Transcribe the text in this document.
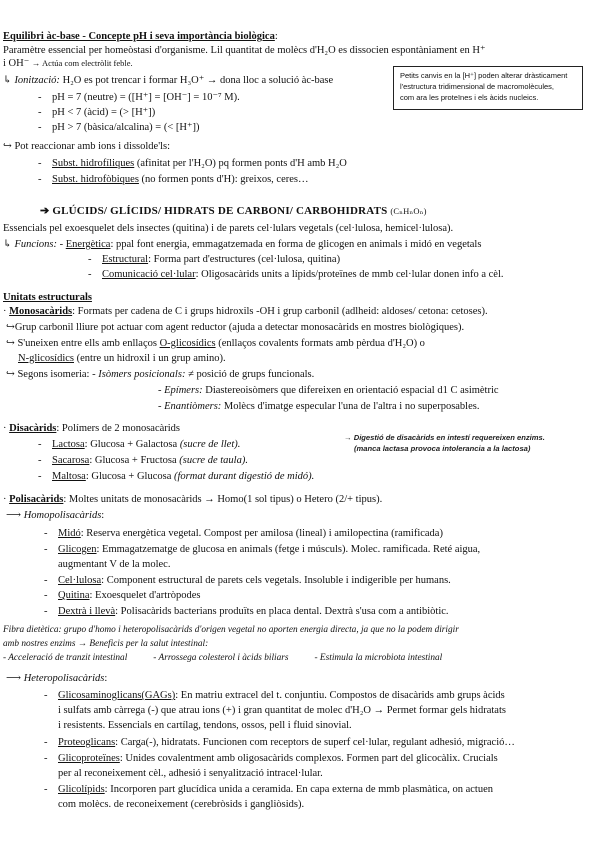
Equilibri àc-base - Concepte pH i seva importància biològica:
Paramètre essencial per homeòstasi d'organisme. Lil quantitat de molècs d'H₂O es dissocien espontàniament en H⁺
i OH⁻ → Actúa com electròlit feble.
↳ Ionització: H₂O es pot trencar i formar H₃O⁺ → dona lloc a solució àc-base
- pH = 7 (neutre) = ([H⁺] = [OH⁻] = 10⁻⁷ M).
- pH < 7 (àcid) = (> [H⁺])
- pH > 7 (bàsica/alcalina) = (< [H⁺])
↪ Pot reaccionar amb ions i dissolde'ls:
- Subst. hidrofíliques (afinitat per l'H₂O) pq formen ponts d'H amb H₂O
- Subst. hidrofòbiques (no formen ponts d'H): greixos, ceres…
Petits canvis en la [H⁺] poden alterar dràsticament
l'estructura tridimensional de macromolècules,
com ara les proteïnes i els àcids nucleics.
➔ GLÚCIDS/ GLÍCIDS/ HIDRATS DE CARBONI/ CARBOHIDRATS (CₙHₙOₙ)
Essencials pel exoesquelet dels insectes (quitina) i de parets cel·lulars vegetals (cel·lulosa, hemicel·lulosa).
↳ Funcions: - Energètica: ppal font energia, emmagatzemada en forma de glicogen en animals i midó en vegetals
- Estructural: Forma part d'estructures (cel·lulosa, quitina)
- Comunicació cel·lular: Oligosacàrids units a lípids/proteïnes de mmb cel·lular donen info a cèl.
Unitats estructurals
· Monosacàrids: Formats per cadena de C i grups hidroxils -OH i grup carbonil (adlheid: aldoses/ cetona: cetoses).
↪Grup carbonil lliure pot actuar com agent reductor (ajuda a detectar monosacàrids en mostres biològiques).
↪ S'uneixen entre ells amb enllaços O-glicosídics (enllaços covalents formats amb pèrdua d'H₂O) o
N-glicosídics (entre un hidroxil i un grup amino).
↪ Segons isomeria: - Isòmers posicionals: ≠ posició de grups funcionals.
- Epímers: Diastereoisòmers que difereixen en orientació espacial d1 C asimètric
- Enantiòmers: Molècs d'imatge especular l'una de l'altra i no superposables.
· Disacàrids: Polímers de 2 monosacàrids
- Lactosa: Glucosa + Galactosa (sucre de llet).
- Sacarosa: Glucosa + Fructosa (sucre de taula).
- Maltosa: Glucosa + Glucosa (format durant digestió de midó).
→ Digestió de disacàrids en intestí requereixen enzims.
(manca lactasa provoca intolerancia a la lactosa)
· Polisacàrids: Moltes unitats de monosacàrids → Homo(1 sol tipus) o Hetero (2/+ tipus).
⟶ Homopolisacàrids:
- Midó: Reserva energètica vegetal. Compost per amilosa (lineal) i amilopectina (ramificada)
- Glicogen: Emmagatzematge de glucosa en animals (fetge i músculs). Molec. ramificada. Reté aigua,
augmentant V de la molec.
- Cel·lulosa: Component estructural de parets cels vegetals. Insoluble i indigerible per humans.
- Quitina: Exoesquelet d'artròpodes
- Dextrà i llevà: Polisacàrids bacterians produïts en placa dental. Dextrà s'usa com a antibiòtic.
Fibra dietètica: grupo d'homo i heteropolisacàrids d'origen vegetal no aporten energia directa, ja que no la podem dirigir
amb nostres enzims → Beneficis per la salut intestinal:
- Acceleració de tranzit intestinal	- Arrossega colesterol i àcids biliars	- Estimula la microbiota intestinal
⟶ Heteropolisacàrids:
- Glicosaminoglicans(GAGs): En matriu extracel del t. conjuntiu. Compostos de disacàrids amb grups àcids
i sulfats amb càrrega (-) que atrau ions (+) i gran quantitat de molec d'H₂O → Permet formar gels hidratats
i resistents. Essencials en cartílag, tendons, ossos, pell i fluid sinovial.
- Proteoglicans: Carga(-), hidratats. Funcionen com receptors de superf cel·lular, regulant adhesió, migració…
- Glicoproteïnes: Unides covalentment amb oligosacàrids complexos. Formen part del glicocàlix. Crucials
per al reconeixement cèl., adhesió i senyalització intracel·lular.
- Glicolípids: Incorporen part glucídica unida a ceramida. En capa externa de mmb plasmàtica, on actuen
com molècs. de reconeixement (cerebròsids i gangliòsids).
